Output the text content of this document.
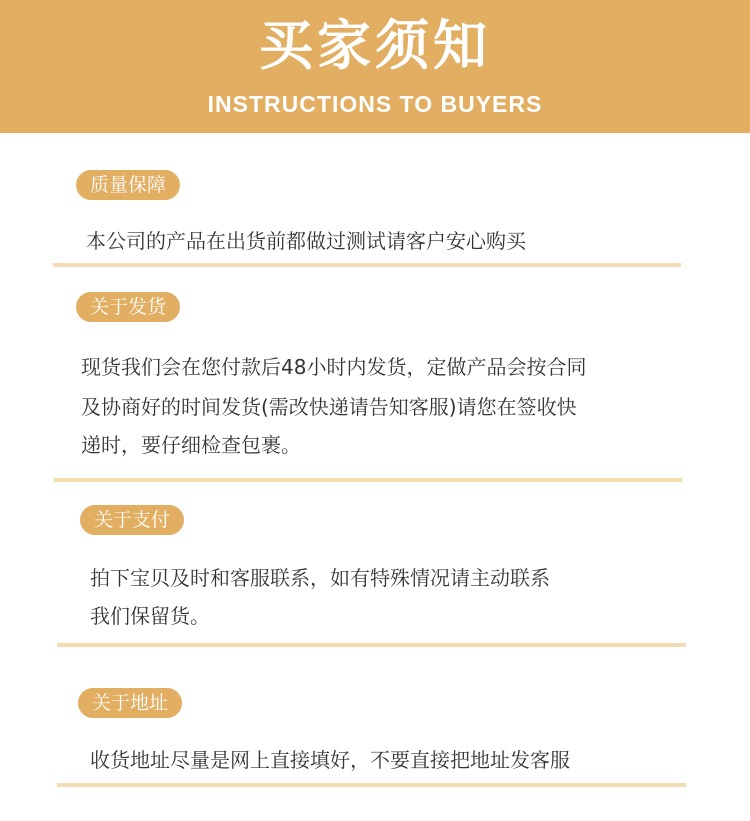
买家须知
INSTRUCTIONS TO BUYERS
质量保障
本公司的产品在出货前都做过测试请客户安心购买
关于发货
现货我们会在您付款后48小时内发货，定做产品会按合同
及协商好的时间发货(需改快递请告知客服)请您在签收快
递时，要仔细检查包裹。
关于支付
拍下宝贝及时和客服联系，如有特殊情况请主动联系
我们保留货。
关于地址
收货地址尽量是网上直接填好，不要直接把地址发客服
